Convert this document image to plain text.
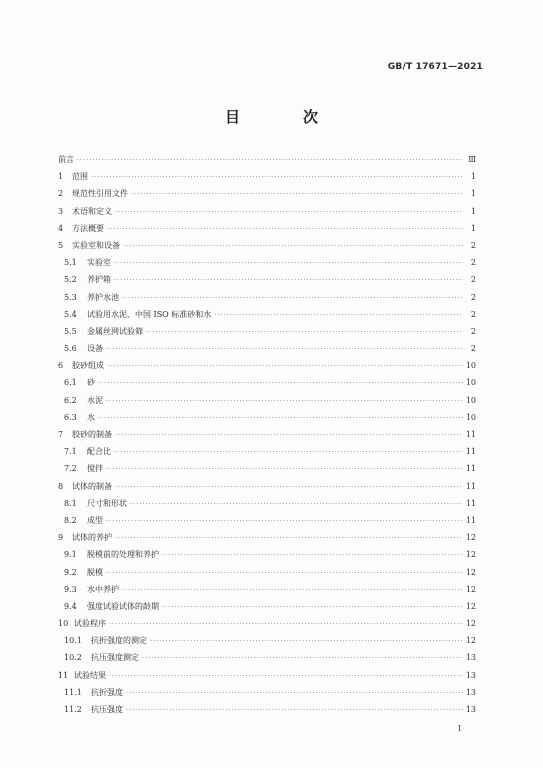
GB/T 17671—2021
目　次
前言 ·····	Ⅲ
1	范围 ·····	1
2	规范性引用文件 ·····	1
3	术语和定义 ·····	1
4	方法概要 ·····	1
5	实验室和设备 ·····	2
5.1	实验室 ·····	2
5.2	养护箱 ·····	2
5.3	养护水池 ·····	2
5.4	试验用水泥、中国 ISO 标准砂和水 ·····	2
5.5	金属丝网试验筛 ·····	2
5.6	设备 ·····	2
6	胶砂组成 ·····	10
6.1	砂 ·····	10
6.2	水泥 ·····	10
6.3	水 ·····	10
7	胶砂的制备 ·····	11
7.1	配合比 ·····	11
7.2	搅拌 ·····	11
8	试体的制备 ·····	11
8.1	尺寸和形状 ·····	11
8.2	成型 ·····	11
9	试体的养护 ·····	12
9.1	脱模前的处理和养护 ·····	12
9.2	脱模 ·····	12
9.3	水中养护 ·····	12
9.4	强度试验试体的龄期 ·····	12
10 试验程序 ·····	12
10.1	抗折强度的测定 ·····	12
10.2	抗压强度测定 ·····	13
11 试验结果 ·····	13
11.1	抗折强度 ·····	13
11.2	抗压强度 ·····	13
I
